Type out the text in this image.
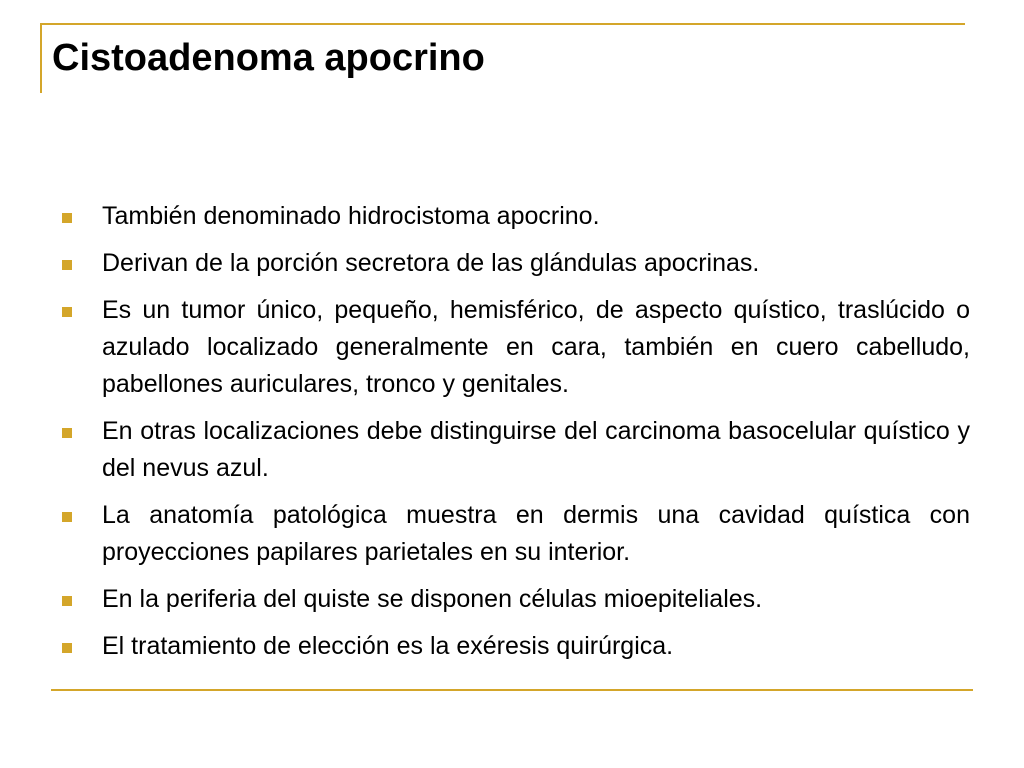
Cistoadenoma apocrino
También denominado hidrocistoma apocrino.
Derivan de la porción secretora de las glándulas apocrinas.
Es un tumor único, pequeño, hemisférico, de aspecto quístico, traslúcido o azulado localizado generalmente en cara, también en cuero cabelludo, pabellones auriculares, tronco y genitales.
En otras localizaciones debe distinguirse del carcinoma basocelular quístico y del nevus azul.
La anatomía patológica muestra en dermis una cavidad quística con proyecciones papilares parietales en su interior.
En la periferia del quiste se disponen células mioepiteliales.
El tratamiento de elección es la exéresis quirúrgica.
